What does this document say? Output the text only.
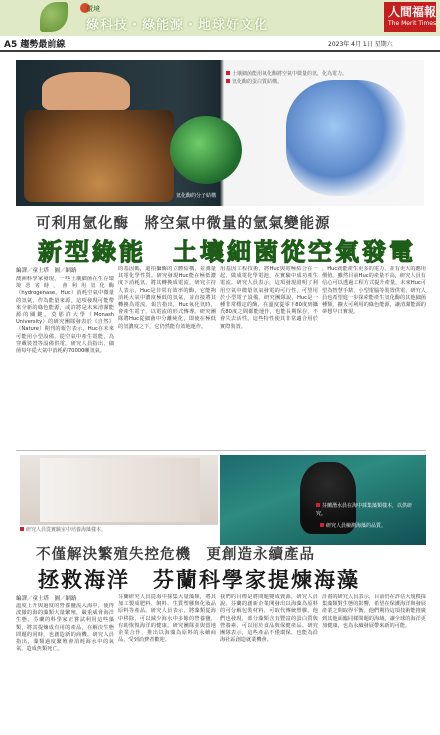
環境
綠科技・綠能源・地球好文化
人間福報
The Merit Times
A5 趨勢最前線	2023年 4月 1日 星期六
氫化酶的分子結構
土壤細菌能用氧化酶將空氣中微量的氫，化為電力。
氫化酶的蛋白質結構。
可利用氫化酶　將空氣中微量的氫氣變能源
新型綠能　土壤細菌從空氣發電
編譯／童士塔　圖／網路
澳洲科學家發現，一些土壤細菌在生存環境惡劣時，會利用氫化酶（hydrogenase，Huc）消耗空氣中微量的氫氣，作為能量來源。這項發現可能帶來全新的綠色能源，或許將是未來清潔能源的關鍵。莫那許大學（Monash University）的研究團隊發表於《自然》（Nature）期刊的報告表示，Huc在未來可能用小型設備，從空氣中產生電能，為穿戴裝置等設備供電。研究人員指出，細菌每年從大氣中消耗約70000噸氫氣。
的基因碼，還拍攝酶的立體結構，並測量其電化學性質。研究發現Huc能在極低濃度下消耗氫，將其轉換成電流。研究主持人表示，Huc是非常有效率的酶，它能夠消耗大氣中濃度極低的氫氣，並直接將其轉換為電流。報告指出，Huc氧化氫時，會產生電子，以電流的形式傳導。研究團隊將Huc從細菌中分離純化，即使在極低的氫濃度之下，它仍然能有效地運作。
用基因工程技術，將Huc與電極結合在一起，做成電化學電池，在實驗中成功產生電流。研究人員表示，這項發現證明了利用空氣中微量氫氣發電的可行性，可望用於小型電子設備。研究團隊說，Huc是一種非常穩定的酶，在溫度從零下80度到攝氏80度之間都能運作，也能長期保存，不會失去活性。這些特性使其非常適合用於實際裝置。
，Huc就能產生更多的電力，並有更大的應用價值。雖然目前Huc的產量不高，研究人員有信心可以透過工程方式提升產量，未來Huc可望為智慧手錶、小型電腦等裝置供電，研究人員也希望進一步探索能產生氫化酶的其他細菌種類，擴大可利用的綠色能源，讓清潔能源的夢想早日實現。
研究人員從實驗室中培養海藻樣本。
芬蘭潛水員在海中採集藻類樣本，以供研究。
研究人員檢測海藻的品質。
不僅解決繁殖失控危機　更創造永續產品
拯救海洋　芬蘭科學家提煉海藻
編譯／童士塔　圖／網路
溫度上升與過度的營養鹽流入海中，使得波羅的海的藻類大量繁殖，嚴重威脅海洋生態。芬蘭的科學家正嘗試利用這些藻類，將其提煉成有用的產品，在解決生態問題的同時，也創造新的商機。研究人員指出，藻類過度繁殖會消耗海水中的氧氣，造成魚類死亡。
芬蘭研究人員從海中採集大量藻類，將其加工製成肥料、飼料、生質塑膠與化妝品原料等產品。研究人員表示，將藻類從海中移除，可以減少海水中多餘的營養鹽，有助恢復海洋的健康。研究團隊並與當地企業合作，推出以海藻為原料的永續商品，受到消費者歡迎。
我們的目標是將問題變成資源，研究人員說。芬蘭的創新企業開發出以海藻為原料的可分解包裝材料，可取代傳統塑膠。他們也發現，部分藻類含有豐富的蛋白質與營養素，可以用於食品與保健產品。研究團隊表示，這些產品不僅環保，也能為沿海社區創造就業機會。
計畫的研究人員表示，目前仍在評估大規模採集藻類對生態的影響，希望在保護海洋與發展產業之間取得平衡。他們期待這項技術能推廣到其他面臨同樣問題的海域，讓全球的海洋更加健康，也為永續發展帶來新的可能。
